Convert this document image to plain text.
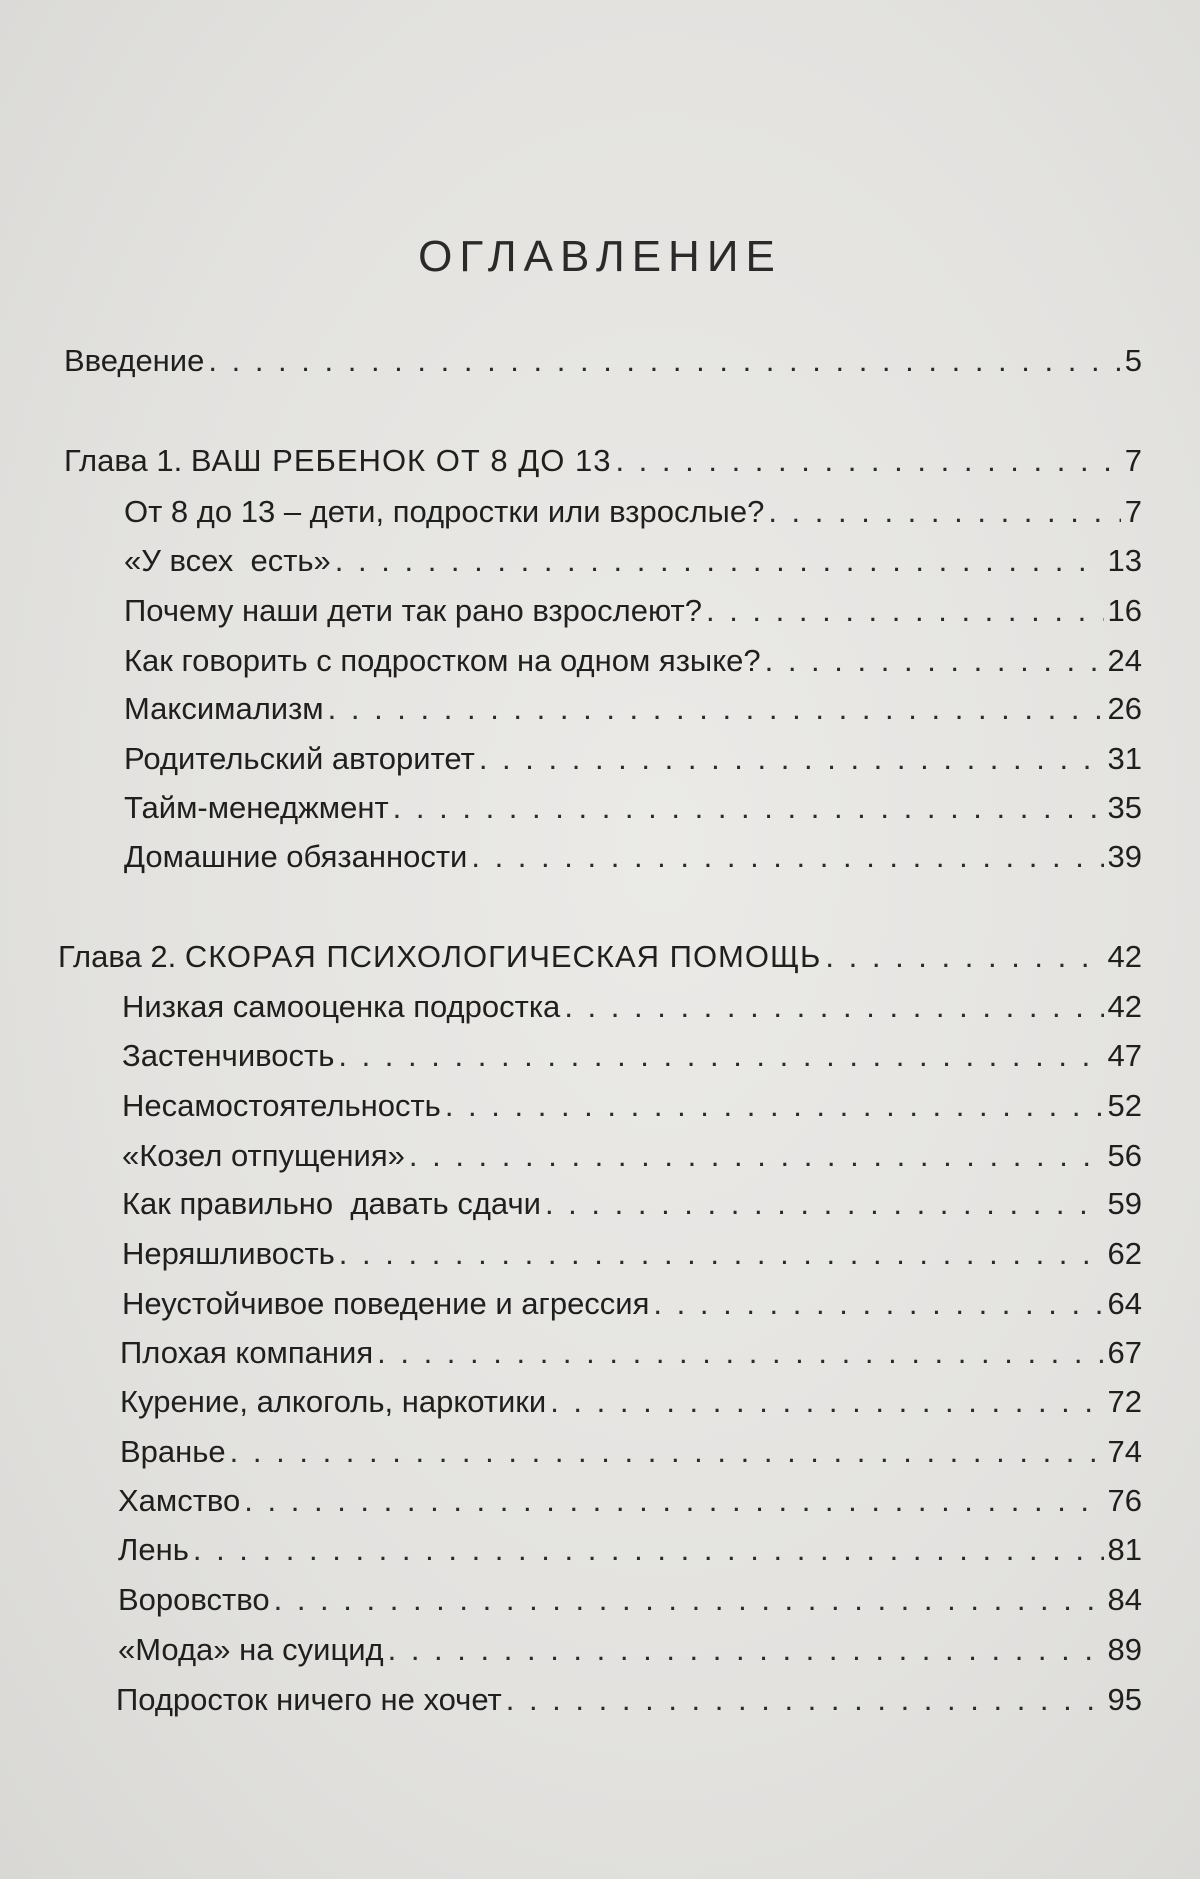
ОГЛАВЛЕНИЕ
Введение . . .	5
Глава 1. ВАШ РЕБЕНОК ОТ 8 ДО 13 . . .	7
От 8 до 13 – дети, подростки или взрослые? . . .	7
«У всех  есть» . . .	13
Почему наши дети так рано взрослеют? . . .	16
Как говорить с подростком на одном языке? . . .	24
Максимализм . . .	26
Родительский авторитет . . .	31
Тайм-менеджмент . . .	35
Домашние обязанности . . .	39
Глава 2. СКОРАЯ ПСИХОЛОГИЧЕСКАЯ ПОМОЩЬ . . .	42
Низкая самооценка подростка . . .	42
Застенчивость . . .	47
Несамостоятельность . . .	52
«Козел отпущения» . . .	56
Как правильно  давать сдачи . . .	59
Неряшливость . . .	62
Неустойчивое поведение и агрессия . . .	64
Плохая компания . . .	67
Курение, алкоголь, наркотики . . .	72
Вранье . . .	74
Хамство . . .	76
Лень . . .	81
Воровство . . .	84
«Мода» на суицид . . .	89
Подросток ничего не хочет . . .	95
